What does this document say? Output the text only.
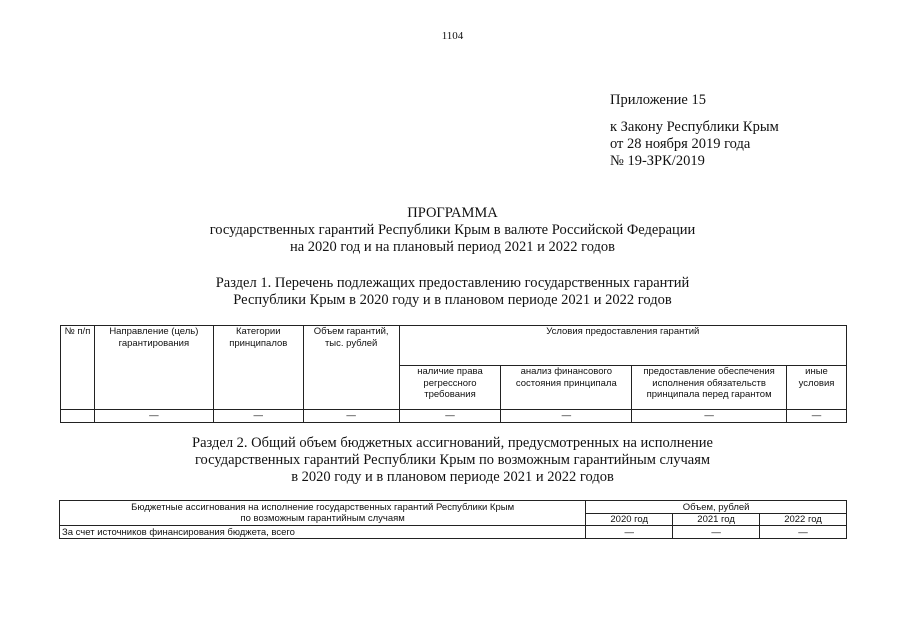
1104
Приложение 15
к Закону Республики Крым
от 28 ноября 2019 года
№ 19-ЗРК/2019
ПРОГРАММА
государственных гарантий Республики Крым в валюте Российской Федерации
на 2020 год и на плановый период 2021 и 2022 годов
Раздел 1. Перечень подлежащих предоставлению государственных гарантий
Республики Крым в 2020 году и в плановом периоде 2021 и 2022 годов
№ п/п	Направление (цель) гарантирования	Категории принципалов	Объем гарантий, тыс. рублей	Условия предоставления гарантий			
				наличие права регрессного требования	анализ финансового состояния принципала	предоставление обеспечения исполнения обязательств принципала перед гарантом	иные условия
	—	—	—	—	—	—	—
Раздел 2. Общий объем бюджетных ассигнований, предусмотренных на исполнение
государственных гарантий Республики Крым по возможным гарантийным случаям
в 2020 году и в плановом периоде 2021 и 2022 годов
Бюджетные ассигнования на исполнение государственных гарантий Республики Крым
по возможным гарантийным случаям	Объем, рублей		
	2020 год	2021 год	2022 год
За счет источников финансирования бюджета, всего	—	—	—
